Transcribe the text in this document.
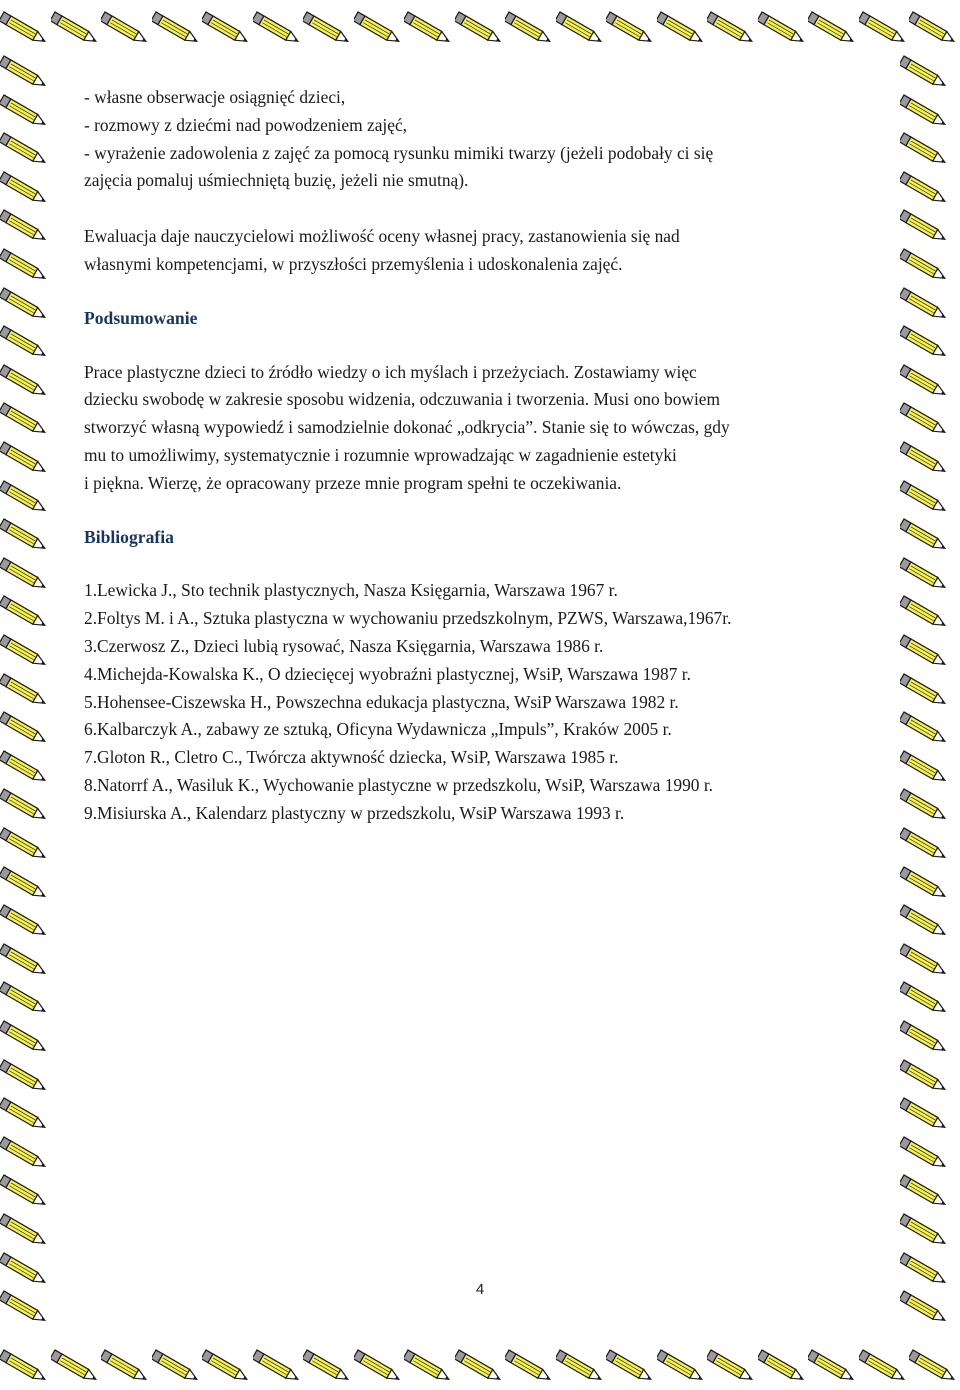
- własne obserwacje osiągnięć dzieci,

- rozmowy z dziećmi nad powodzeniem zajęć,

- wyrażenie zadowolenia z zajęć za pomocą rysunku mimiki twarzy (jeżeli podobały ci się

zajęcia pomaluj uśmiechniętą buzię, jeżeli nie smutną).

Ewaluacja daje nauczycielowi możliwość oceny własnej pracy, zastanowienia się nad

własnymi kompetencjami, w przyszłości przemyślenia i udoskonalenia zajęć.

Podsumowanie

Prace plastyczne dzieci to źródło wiedzy o ich myślach i przeżyciach. Zostawiamy więc

dziecku swobodę w zakresie sposobu widzenia, odczuwania i tworzenia. Musi ono bowiem

stworzyć własną wypowiedź i samodzielnie dokonać „odkrycia”. Stanie się to wówczas, gdy

mu to umożliwimy, systematycznie i rozumnie wprowadzając w zagadnienie estetyki

i piękna. Wierzę, że opracowany przeze mnie program spełni te oczekiwania.

Bibliografia

1.Lewicka J., Sto technik plastycznych, Nasza Księgarnia, Warszawa 1967 r.
2.Foltys M. i A., Sztuka plastyczna w wychowaniu przedszkolnym, PZWS, Warszawa,1967r.
3.Czerwosz Z., Dzieci lubią rysować, Nasza Księgarnia, Warszawa 1986 r.
4.Michejda-Kowalska K., O dziecięcej wyobraźni plastycznej, WsiP, Warszawa 1987 r.
5.Hohensee-Ciszewska H., Powszechna edukacja plastyczna, WsiP Warszawa 1982 r.
6.Kalbarczyk A., zabawy ze sztuką, Oficyna Wydawnicza „Impuls”, Kraków 2005 r.
7.Gloton R., Cletro C., Twórcza aktywność dziecka, WsiP, Warszawa 1985 r.
8.Natorrf A., Wasiluk K., Wychowanie plastyczne w przedszkolu, WsiP, Warszawa 1990 r.
9.Misiurska A., Kalendarz plastyczny w przedszkolu, WsiP Warszawa 1993 r.
4
